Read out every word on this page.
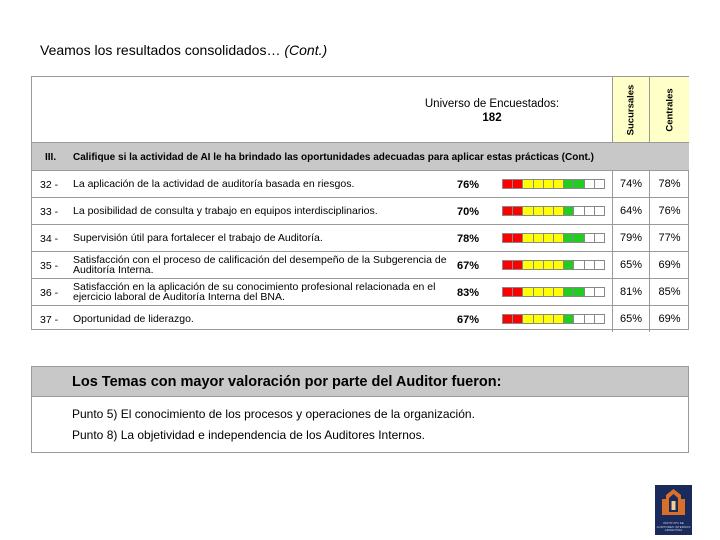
Veamos los resultados consolidados… (Cont.)
Universo de Encuestados:
182	Sucursales	Centrales
III. Califique si la actividad de AI le ha brindado las oportunidades adecuadas para aplicar estas prácticas (Cont.)
32 - La aplicación de la actividad de auditoría basada en riesgos.	76%	74%	78%
33 - La posibilidad de consulta y trabajo en equipos interdisciplinarios.	70%	64%	76%
34 - Supervisión útil para fortalecer el trabajo de Auditoría.	78%	79%	77%
35 - Satisfacción con el proceso de calificación del desempeño de la Subgerencia de Auditoría Interna.	67%	65%	69%
36 - Satisfacción en la aplicación de su conocimiento profesional relacionada en el ejercicio laboral de Auditoría Interna del BNA.	83%	81%	85%
37 - Oportunidad de liderazgo.	67%	65%	69%
Los Temas con mayor valoración por parte del Auditor fueron:
Punto 5) El conocimiento de los procesos y operaciones de la organización.
Punto 8) La objetividad e independencia de los Auditores Internos.
INSTITUTO DE AUDITORES INTERNOS ARGENTINA
